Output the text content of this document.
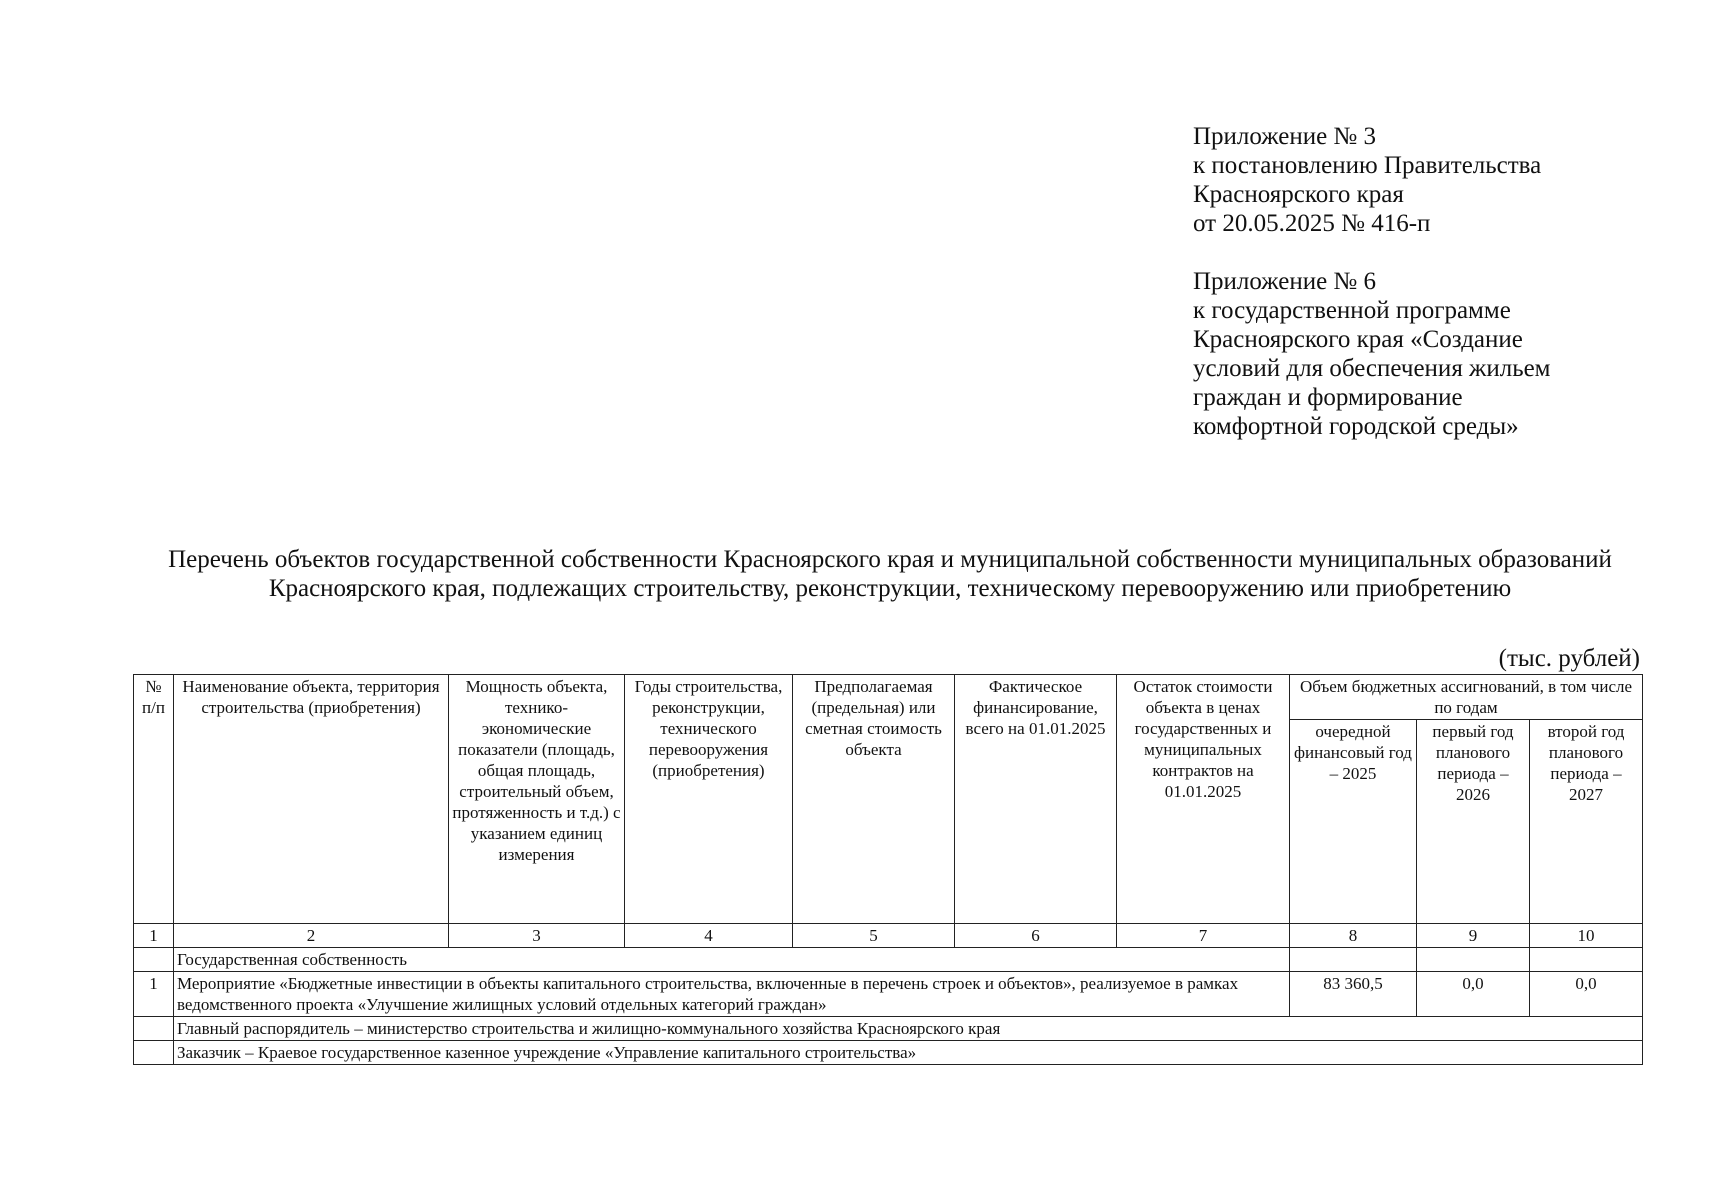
Приложение № 3
к постановлению Правительства
Красноярского края
от 20.05.2025 № 416-п
Приложение № 6
к государственной программе
Красноярского края «Создание
условий для обеспечения жильем
граждан и формирование
комфортной городской среды»
Перечень объектов государственной собственности Красноярского края и муниципальной собственности муниципальных образований Красноярского края, подлежащих строительству, реконструкции, техническому перевооружению или приобретению
(тыс. рублей)
№ п/п	Наименование объекта, территория строительства (приобретения)	Мощность объекта, технико-экономические показатели (площадь, общая площадь, строительный объем, протяженность и т.д.) с указанием единиц измерения	Годы строительства, реконструкции, технического перевооружения (приобретения)	Предполагаемая (предельная) или сметная стоимость объекта	Фактическое финансирование, всего на 01.01.2025	Остаток стоимости объекта в ценах государственных и муниципальных контрактов на 01.01.2025	Объем бюджетных ассигнований, в том числе по годам		
							очередной финансовый год – 2025	первый год планового периода – 2026	второй год планового периода – 2027
1	2	3	4	5	6	7	8	9	10
	Государственная собственность								
1	Мероприятие «Бюджетные инвестиции в объекты капитального строительства, включенные в перечень строек и объектов», реализуемое в рамках ведомственного проекта «Улучшение жилищных условий отдельных категорий граждан»						83 360,5	0,0	0,0
	Главный распорядитель – министерство строительства и жилищно-коммунального хозяйства Красноярского края								
	Заказчик – Краевое государственное казенное учреждение «Управление капитального строительства»								
